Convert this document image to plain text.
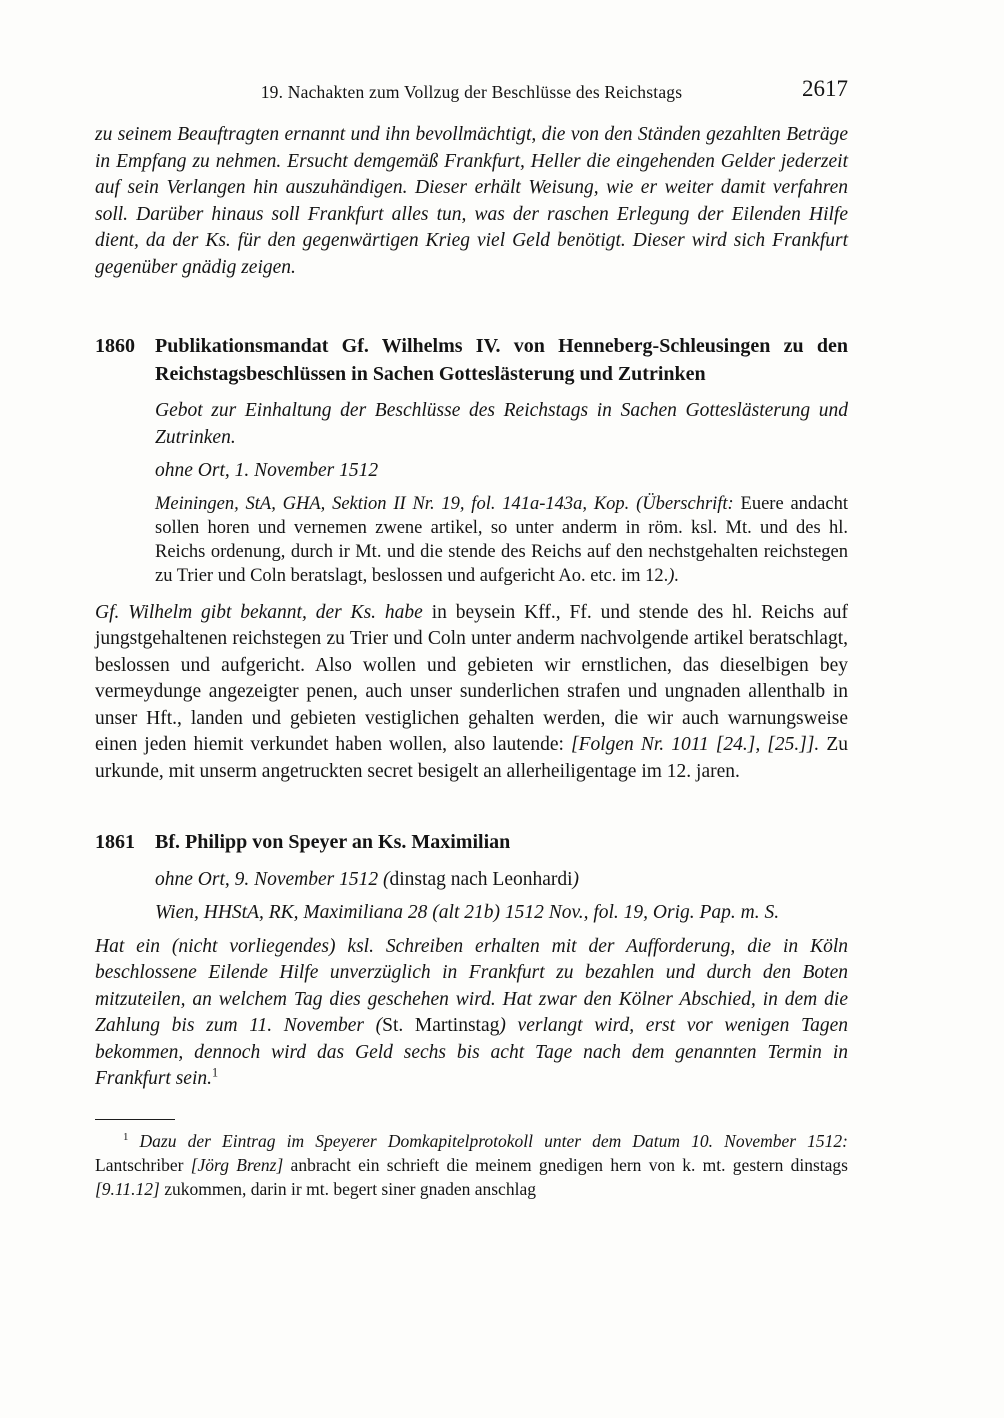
19. Nachakten zum Vollzug der Beschlüsse des Reichstags	2617

zu seinem Beauftragten ernannt und ihn bevollmächtigt, die von den Ständen gezahlten Beträge in Empfang zu nehmen. Ersucht demgemäß Frankfurt, Heller die eingehenden Gelder jederzeit auf sein Verlangen hin auszuhändigen. Dieser erhält Weisung, wie er weiter damit verfahren soll. Darüber hinaus soll Frankfurt alles tun, was der raschen Erlegung der Eilenden Hilfe dient, da der Ks. für den gegenwärtigen Krieg viel Geld benötigt. Dieser wird sich Frankfurt gegenüber gnädig zeigen.

1860	Publikationsmandat Gf. Wilhelms IV. von Henneberg-Schleusingen zu den Reichstagsbeschlüssen in Sachen Gotteslästerung und Zutrinken

Gebot zur Einhaltung der Beschlüsse des Reichstags in Sachen Gotteslästerung und Zutrinken.

ohne Ort, 1. November 1512

Meiningen, StA, GHA, Sektion II Nr. 19, fol. 141a-143a, Kop. (Überschrift: Euere andacht sollen horen und vernemen zwene artikel, so unter anderm in röm. ksl. Mt. und des hl. Reichs ordenung, durch ir Mt. und die stende des Reichs auf den nechstgehalten reichstegen zu Trier und Coln beratslagt, beslossen und aufgericht Ao. etc. im 12.).

Gf. Wilhelm gibt bekannt, der Ks. habe in beysein Kff., Ff. und stende des hl. Reichs auf jungstgehaltenen reichstegen zu Trier und Coln unter anderm nachvolgende artikel beratschlagt, beslossen und aufgericht. Also wollen und gebieten wir ernstlichen, das dieselbigen bey vermeydunge angezeigter penen, auch unser sunderlichen strafen und ungnaden allenthalb in unser Hft., landen und gebieten vestiglichen gehalten werden, die wir auch warnungsweise einen jeden hiemit verkundet haben wollen, also lautende: [Folgen Nr. 1011 [24.], [25.]]. Zu urkunde, mit unserm angetruckten secret besigelt an allerheiligentage im 12. jaren.

1861	Bf. Philipp von Speyer an Ks. Maximilian

ohne Ort, 9. November 1512 (dinstag nach Leonhardi)

Wien, HHStA, RK, Maximiliana 28 (alt 21b) 1512 Nov., fol. 19, Orig. Pap. m. S.

Hat ein (nicht vorliegendes) ksl. Schreiben erhalten mit der Aufforderung, die in Köln beschlossene Eilende Hilfe unverzüglich in Frankfurt zu bezahlen und durch den Boten mitzuteilen, an welchem Tag dies geschehen wird. Hat zwar den Kölner Abschied, in dem die Zahlung bis zum 11. November (St. Martinstag) verlangt wird, erst vor wenigen Tagen bekommen, dennoch wird das Geld sechs bis acht Tage nach dem genannten Termin in Frankfurt sein.$^1$

$^1$ Dazu der Eintrag im Speyerer Domkapitelprotokoll unter dem Datum 10. November 1512: Lantschriber [Jörg Brenz] anbracht ein schrieft die meinem gnedigen hern von k. mt. gestern dinstags [9.11.12] zukommen, darin ir mt. begert siner gnaden anschlag
